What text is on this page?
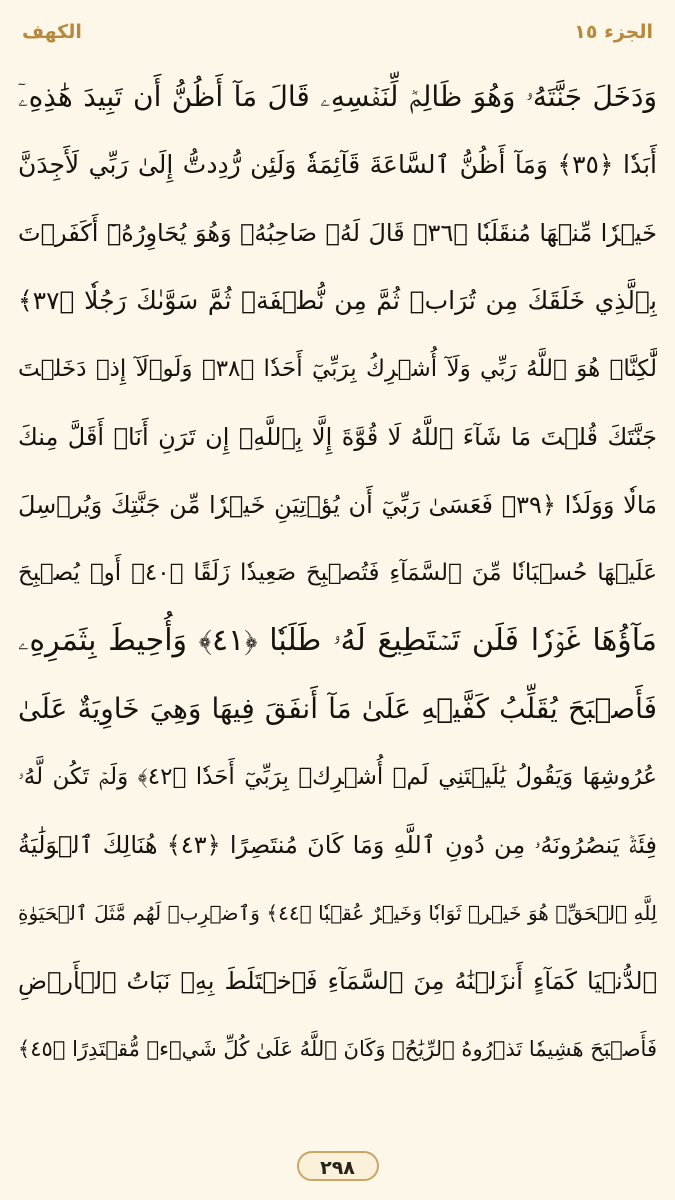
الكهف	الجزء ١٥
وَدَخَلَ جَنَّتَهُۥ وَهُوَ ظَالِمٞ لِّنَفۡسِهِۦ قَالَ مَآ أَظُنُّ أَن تَبِيدَ هَٰذِهِۦٓ
أَبَدٗا ﴿٣٥﴾ وَمَآ أَظُنُّ ٱلسَّاعَةَ قَآئِمَةٗ وَلَئِن رُّدِدتُّ إِلَىٰ رَبِّي لَأَجِدَنَّ
خَيۡرٗا مِّنۡهَا مُنقَلَبٗا ﴿٣٦﴾ قَالَ لَهُۥ صَاحِبُهُۥ وَهُوَ يُحَاوِرُهُۥٓ أَكَفَرۡتَ
بِٱلَّذِي خَلَقَكَ مِن تُرَابٖ ثُمَّ مِن نُّطۡفَةٖ ثُمَّ سَوَّىٰكَ رَجُلٗا ﴿٣٧﴾
لَّٰكِنَّا۠ هُوَ ٱللَّهُ رَبِّي وَلَآ أُشۡرِكُ بِرَبِّيٓ أَحَدٗا ﴿٣٨﴾ وَلَوۡلَآ إِذۡ دَخَلۡتَ
جَنَّتَكَ قُلۡتَ مَا شَآءَ ٱللَّهُ لَا قُوَّةَ إِلَّا بِٱللَّهِۚ إِن تَرَنِ أَنَا۠ أَقَلَّ مِنكَ
مَالٗا وَوَلَدٗا ﴿٣٩﴾ فَعَسَىٰ رَبِّيٓ أَن يُؤۡتِيَنِ خَيۡرٗا مِّن جَنَّتِكَ وَيُرۡسِلَ
عَلَيۡهَا حُسۡبَانٗا مِّنَ ٱلسَّمَآءِ فَتُصۡبِحَ صَعِيدٗا زَلَقًا ﴿٤٠﴾ أَوۡ يُصۡبِحَ
مَآؤُهَا غَوۡرٗا فَلَن تَسۡتَطِيعَ لَهُۥ طَلَبٗا ﴿٤١﴾ وَأُحِيطَ بِثَمَرِهِۦ
فَأَصۡبَحَ يُقَلِّبُ كَفَّيۡهِ عَلَىٰ مَآ أَنفَقَ فِيهَا وَهِيَ خَاوِيَةٌ عَلَىٰ
عُرُوشِهَا وَيَقُولُ يَٰلَيۡتَنِي لَمۡ أُشۡرِكۡ بِرَبِّيٓ أَحَدٗا ﴿٤٢﴾ وَلَمۡ تَكُن لَّهُۥ
فِئَةٞ يَنصُرُونَهُۥ مِن دُونِ ٱللَّهِ وَمَا كَانَ مُنتَصِرًا ﴿٤٣﴾ هُنَالِكَ ٱلۡوَلَٰيَةُ
لِلَّهِ ٱلۡحَقِّۚ هُوَ خَيۡرٞ ثَوَابٗا وَخَيۡرٌ عُقۡبٗا ﴿٤٤﴾ وَٱضۡرِبۡ لَهُم مَّثَلَ ٱلۡحَيَوٰةِ
ٱلدُّنۡيَا كَمَآءٍ أَنزَلۡنَٰهُ مِنَ ٱلسَّمَآءِ فَٱخۡتَلَطَ بِهِۦ نَبَاتُ ٱلۡأَرۡضِ
فَأَصۡبَحَ هَشِيمٗا تَذۡرُوهُ ٱلرِّيَٰحُۗ وَكَانَ ٱللَّهُ عَلَىٰ كُلِّ شَيۡءٖ مُّقۡتَدِرًا ﴿٤٥﴾
٢٩٨
